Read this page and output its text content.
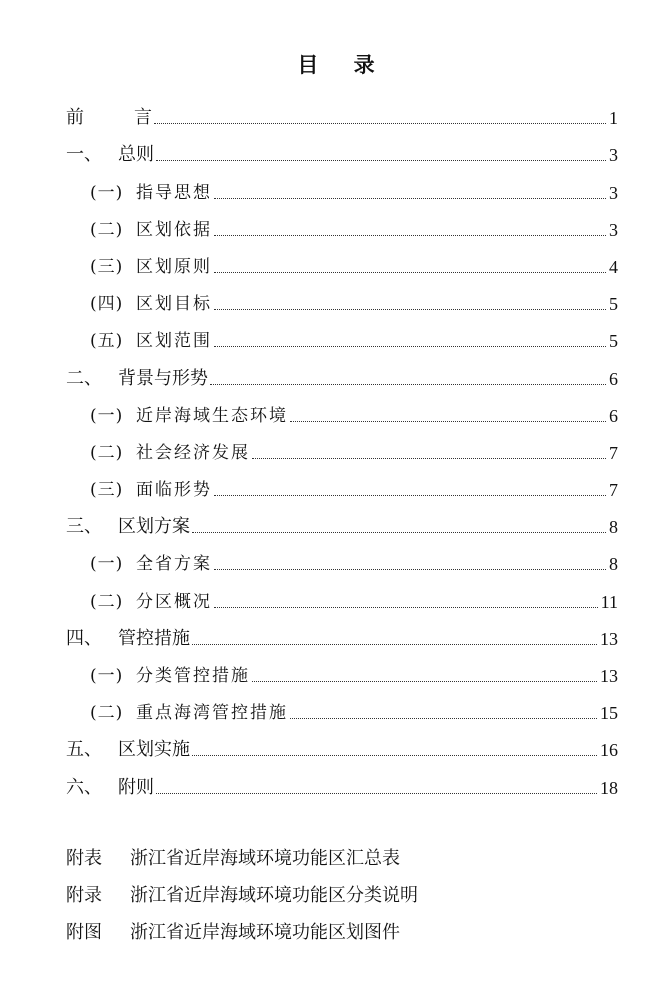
目 录
前	言	1
一、 总则	3
(一) 指导思想	3
(二) 区划依据	3
(三) 区划原则	4
(四) 区划目标	5
(五) 区划范围	5
二、 背景与形势	6
(一) 近岸海域生态环境	6
(二) 社会经济发展	7
(三) 面临形势	7
三、 区划方案	8
(一) 全省方案	8
(二) 分区概况	11
四、 管控措施	13
(一) 分类管控措施	13
(二) 重点海湾管控措施	15
五、 区划实施	16
六、 附则	18
附表	浙江省近岸海域环境功能区汇总表
附录	浙江省近岸海域环境功能区分类说明
附图	浙江省近岸海域环境功能区划图件
